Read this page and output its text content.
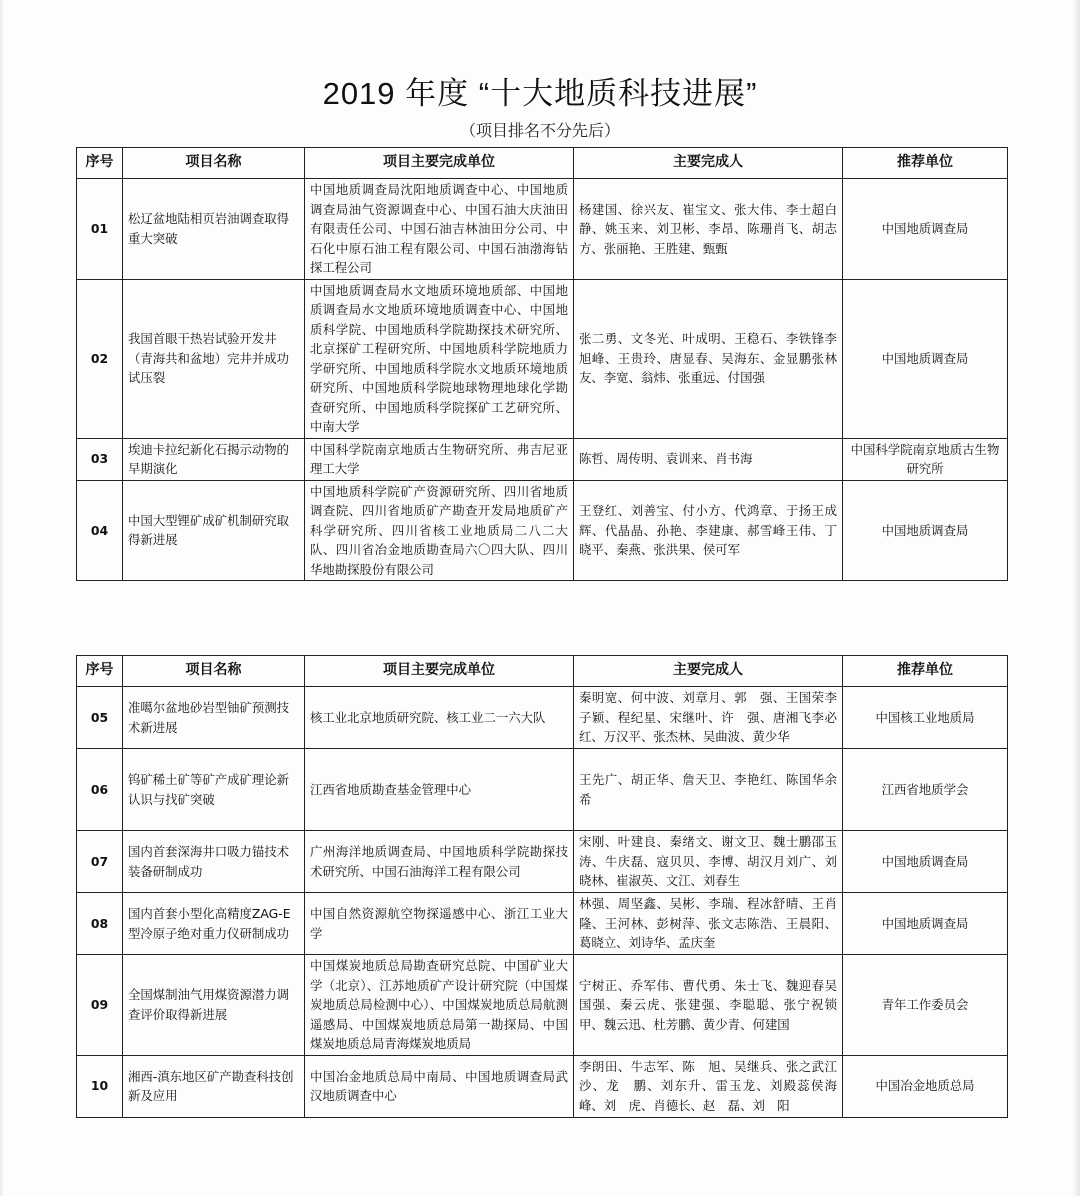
2019 年度 “十大地质科技进展”
（项目排名不分先后）
序号	项目名称	项目主要完成单位	主要完成人	推荐单位
01	松辽盆地陆相页岩油调查取得重大突破	中国地质调查局沈阳地质调查中心、中国地质调查局油气资源调查中心、中国石油大庆油田有限责任公司、中国石油吉林油田分公司、中石化中原石油工程有限公司、中国石油渤海钻探工程公司	杨建国、徐兴友、崔宝文、张大伟、李士超白静、姚玉来、刘卫彬、李昂、陈珊肖飞、胡志方、张丽艳、王胜建、甄甄	中国地质调查局
02	我国首眼干热岩试验开发井（青海共和盆地）完井并成功试压裂	中国地质调查局水文地质环境地质部、中国地质调查局水文地质环境地质调查中心、中国地质科学院、中国地质科学院勘探技术研究所、北京探矿工程研究所、中国地质科学院地质力学研究所、中国地质科学院水文地质环境地质研究所、中国地质科学院地球物理地球化学勘查研究所、中国地质科学院探矿工艺研究所、中南大学	张二勇、文冬光、叶成明、王稳石、李铁锋李旭峰、王贵玲、唐显春、吴海东、金显鹏张林友、李宽、翁炜、张重远、付国强	中国地质调查局
03	埃迪卡拉纪新化石揭示动物的早期演化	中国科学院南京地质古生物研究所、弗吉尼亚理工大学	陈哲、周传明、袁训来、肖书海	中国科学院南京地质古生物研究所
04	中国大型锂矿成矿机制研究取得新进展	中国地质科学院矿产资源研究所、四川省地质调查院、四川省地质矿产勘查开发局地质矿产科学研究所、四川省核工业地质局二八二大队、四川省冶金地质勘查局六〇四大队、四川华地勘探股份有限公司	王登红、刘善宝、付小方、代鸿章、于扬王成辉、代晶晶、孙艳、李建康、郝雪峰王伟、丁晓平、秦燕、张洪果、侯可军	中国地质调查局
序号	项目名称	项目主要完成单位	主要完成人	推荐单位
05	准噶尔盆地砂岩型铀矿预测技术新进展	核工业北京地质研究院、核工业二一六大队	秦明宽、何中波、刘章月、郭　强、王国荣李子颖、程纪星、宋继叶、许　强、唐湘飞李必红、万汉平、张杰林、吴曲波、黄少华	中国核工业地质局
06	钨矿稀土矿等矿产成矿理论新认识与找矿突破	江西省地质勘查基金管理中心	王先广、胡正华、詹天卫、李艳红、陈国华余　希	江西省地质学会
07	国内首套深海井口吸力锚技术装备研制成功	广州海洋地质调查局、中国地质科学院勘探技术研究所、中国石油海洋工程有限公司	宋刚、叶建良、秦绪文、谢文卫、魏士鹏邵玉涛、牛庆磊、寇贝贝、李博、胡汉月刘广、刘晓林、崔淑英、文江、刘春生	中国地质调查局
08	国内首套小型化高精度ZAG-E 型冷原子绝对重力仪研制成功	中国自然资源航空物探遥感中心、浙江工业大学	林强、周坚鑫、吴彬、李瑞、程冰舒晴、王肖隆、王河林、彭树萍、张文志陈浩、王晨阳、葛晓立、刘诗华、孟庆奎	中国地质调查局
09	全国煤制油气用煤资源潜力调查评价取得新进展	中国煤炭地质总局勘查研究总院、中国矿业大学（北京）、江苏地质矿产设计研究院（中国煤炭地质总局检测中心）、中国煤炭地质总局航测遥感局、中国煤炭地质总局第一勘探局、中国煤炭地质总局青海煤炭地质局	宁树正、乔军伟、曹代勇、朱士飞、魏迎春吴国强、秦云虎、张建强、李聪聪、张宁祝锁甲、魏云迅、杜芳鹏、黄少青、何建国	青年工作委员会
10	湘西-滇东地区矿产勘查科技创新及应用	中国冶金地质总局中南局、中国地质调查局武汉地质调查中心	李朗田、牛志军、陈　旭、吴继兵、张之武江　沙、龙　鹏、刘东升、雷玉龙、刘殿蕊侯海峰、刘　虎、肖德长、赵　磊、刘　阳	中国冶金地质总局
